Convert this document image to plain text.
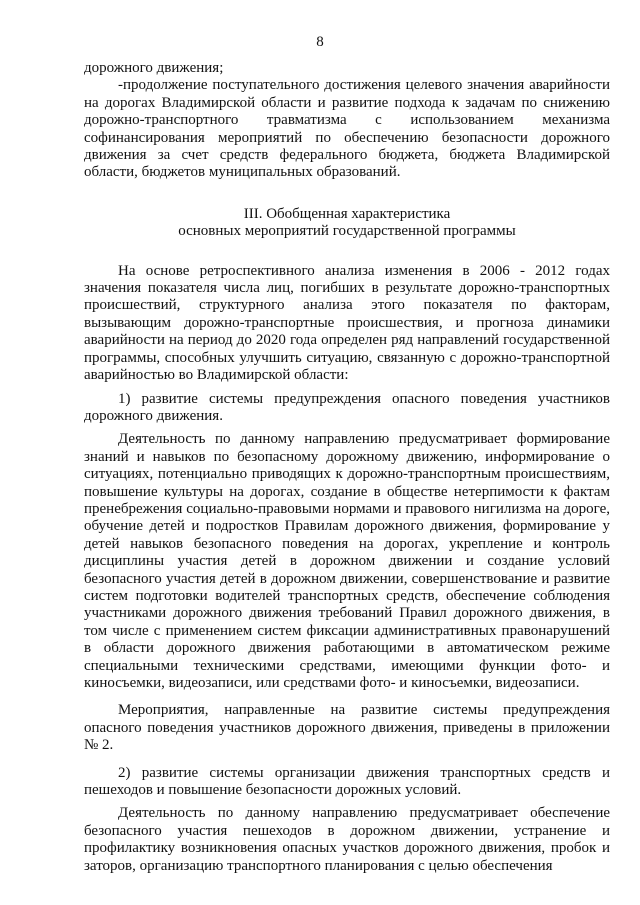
8

дорожного движения;

-продолжение поступательного достижения целевого значения аварийности на дорогах Владимирской области и развитие подхода к задачам по снижению дорожно-транспортного травматизма с использованием механизма софинансирования мероприятий по обеспечению безопасности дорожного движения за счет средств федерального бюджета, бюджета Владимирской области, бюджетов муниципальных образований.

III. Обобщенная характеристика
основных мероприятий государственной программы

На основе ретроспективного анализа изменения в 2006 - 2012 годах значения показателя числа лиц, погибших в результате дорожно-транспортных происшествий, структурного анализа этого показателя по факторам, вызывающим дорожно-транспортные происшествия, и прогноза динамики аварийности на период до 2020 года определен ряд направлений государственной программы, способных улучшить ситуацию, связанную с дорожно-транспортной аварийностью во Владимирской области:

1) развитие системы предупреждения опасного поведения участников дорожного движения.

Деятельность по данному направлению предусматривает формирование знаний и навыков по безопасному дорожному движению, информирование о ситуациях, потенциально приводящих к дорожно-транспортным происшествиям, повышение культуры на дорогах, создание в обществе нетерпимости к фактам пренебрежения социально-правовыми нормами и правового нигилизма на дороге, обучение детей и подростков Правилам дорожного движения, формирование у детей навыков безопасного поведения на дорогах, укрепление и контроль дисциплины участия детей в дорожном движении и создание условий безопасного участия детей в дорожном движении, совершенствование и развитие систем подготовки водителей транспортных средств, обеспечение соблюдения участниками дорожного движения требований Правил дорожного движения, в том числе с применением систем фиксации административных правонарушений в области дорожного движения работающими в автоматическом режиме специальными техническими средствами, имеющими функции фото- и киносъемки, видеозаписи, или средствами фото- и киносъемки, видеозаписи.

Мероприятия, направленные на развитие системы предупреждения опасного поведения участников дорожного движения, приведены в приложении № 2.

2) развитие системы организации движения транспортных средств и пешеходов и повышение безопасности дорожных условий.

Деятельность по данному направлению предусматривает обеспечение безопасного участия пешеходов в дорожном движении, устранение и профилактику возникновения опасных участков дорожного движения, пробок и заторов, организацию транспортного планирования с целью обеспечения
